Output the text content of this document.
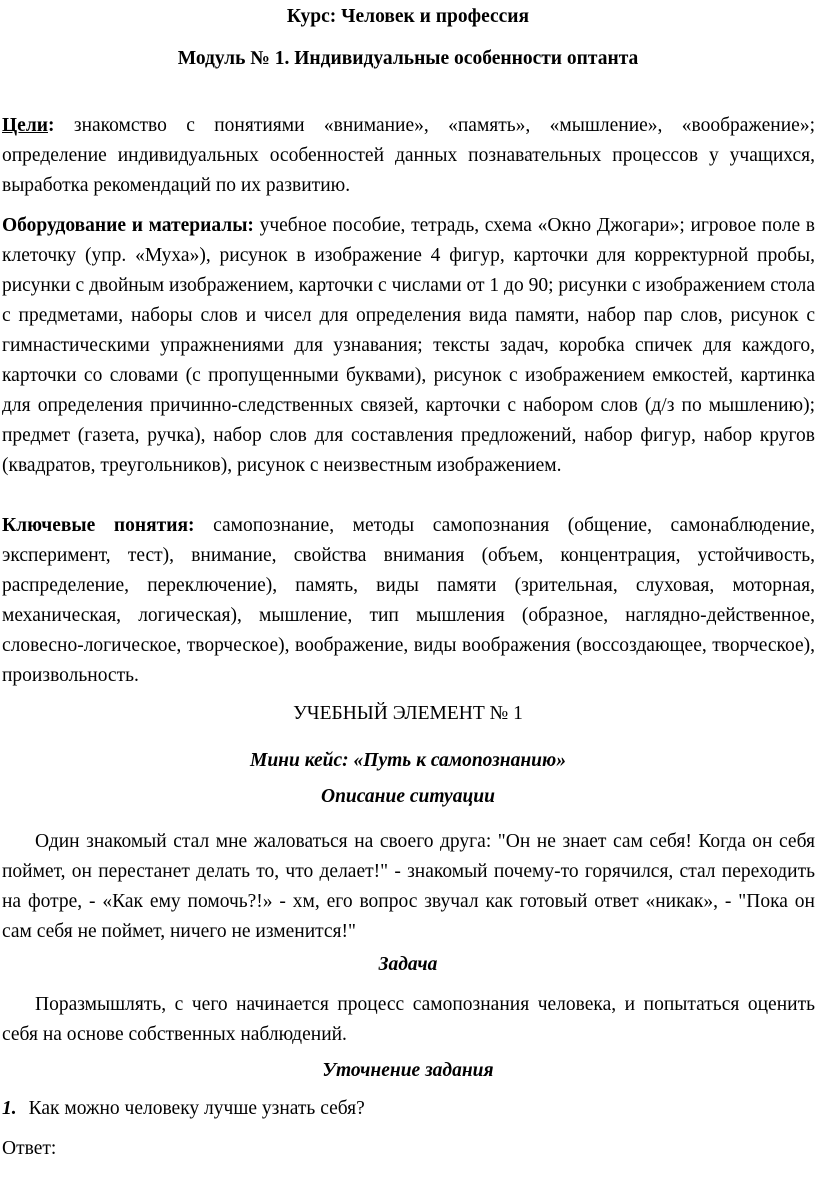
Курс: Человек и профессия
Модуль № 1. Индивидуальные особенности оптанта
Цели: знакомство с понятиями «внимание», «память», «мышление», «воображение»; определение индивидуальных особенностей данных познавательных процессов у учащихся, выработка рекомендаций по их развитию.
Оборудование и материалы: учебное пособие, тетрадь, схема «Окно Джогари»; игровое поле в клеточку (упр. «Муха»), рисунок в изображение 4 фигур, карточки для корректурной пробы, рисунки с двойным изображением, карточки с числами от 1 до 90; рисунки с изображением стола с предметами, наборы слов и чисел для определения вида памяти, набор пар слов, рисунок с гимнастическими упражнениями для узнавания; тексты задач, коробка спичек для каждого, карточки со словами (с пропущенными буквами), рисунок с изображением емкостей, картинка для определения причинно-следственных связей, карточки с набором слов (д/з по мышлению); предмет (газета, ручка), набор слов для составления предложений, набор фигур, набор кругов (квадратов, треугольников), рисунок с неизвестным изображением.
Ключевые понятия: самопознание, методы самопознания (общение, самонаблюдение, эксперимент, тест), внимание, свойства внимания (объем, концентрация, устойчивость, распределение, переключение), память, виды памяти (зрительная, слуховая, моторная, механическая, логическая), мышление, тип мышления (образное, наглядно-действенное, словесно-логическое, творческое), воображение, виды воображения (воссоздающее, творческое), произвольность.
УЧЕБНЫЙ ЭЛЕМЕНТ № 1
Мини кейс: «Путь к самопознанию»
Описание ситуации
Один знакомый стал мне жаловаться на своего друга: "Он не знает сам себя! Когда он себя поймет, он перестанет делать то, что делает!" - знакомый почему-то горячился, стал переходить на фотре, - «Как ему помочь?!» - хм, его вопрос звучал как готовый ответ «никак», - "Пока он сам себя не поймет, ничего не изменится!"
Задача
Поразмышлять, с чего начинается процесс самопознания человека, и попытаться оценить себя на основе собственных наблюдений.
Уточнение задания
1. Как можно человеку лучше узнать себя?
Ответ:
